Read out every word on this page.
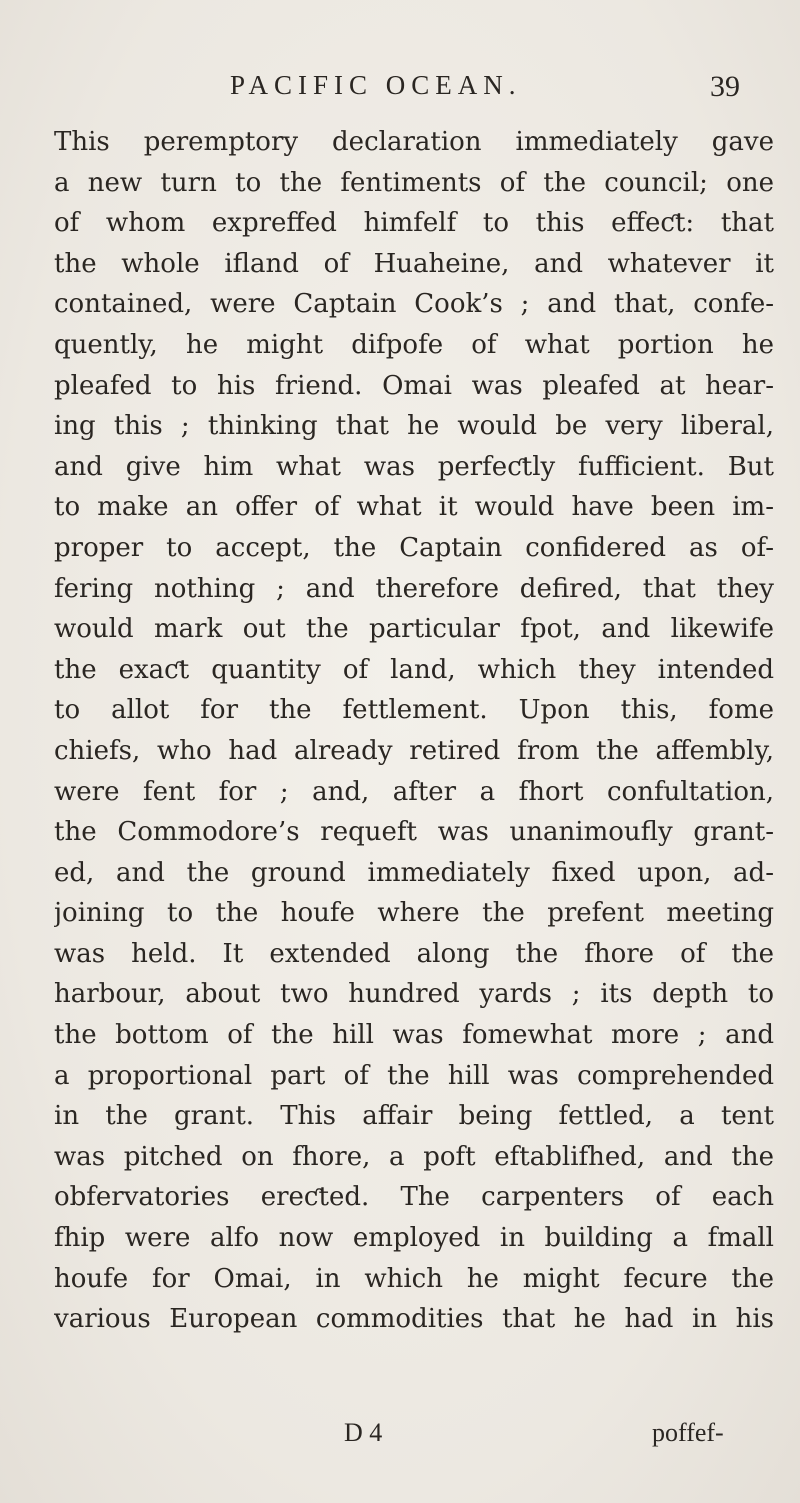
PACIFIC OCEAN.	39
This peremptory declaration immediately gave
a new turn to the fentiments of the council; one
of whom expreffed himfelf to this effeƈt: that
the whole ifland of Huaheine, and whatever it
contained, were Captain Cook’s ; and that, confe-
quently, he might difpofe of what portion he
pleafed to his friend. Omai was pleafed at hear-
ing this ; thinking that he would be very liberal,
and give him what was perfeƈtly fufficient. But
to make an offer of what it would have been im-
proper to accept, the Captain confidered as of-
fering nothing ; and therefore defired, that they
would mark out the particular fpot, and likewife
the exaƈt quantity of land, which they intended
to allot for the fettlement. Upon this, fome
chiefs, who had already retired from the affembly,
were fent for ; and, after a fhort confultation,
the Commodore’s requeft was unanimoufly grant-
ed, and the ground immediately fixed upon, ad-
joining to the houfe where the prefent meeting
was held. It extended along the fhore of the
harbour, about two hundred yards ; its depth to
the bottom of the hill was fomewhat more ; and
a proportional part of the hill was comprehended
in the grant. This affair being fettled, a tent
was pitched on fhore, a poft eftablifhed, and the
obfervatories ereƈted. The carpenters of each
fhip were alfo now employed in building a fmall
houfe for Omai, in which he might fecure the
various European commodities that he had in his
D 4	poffef-
